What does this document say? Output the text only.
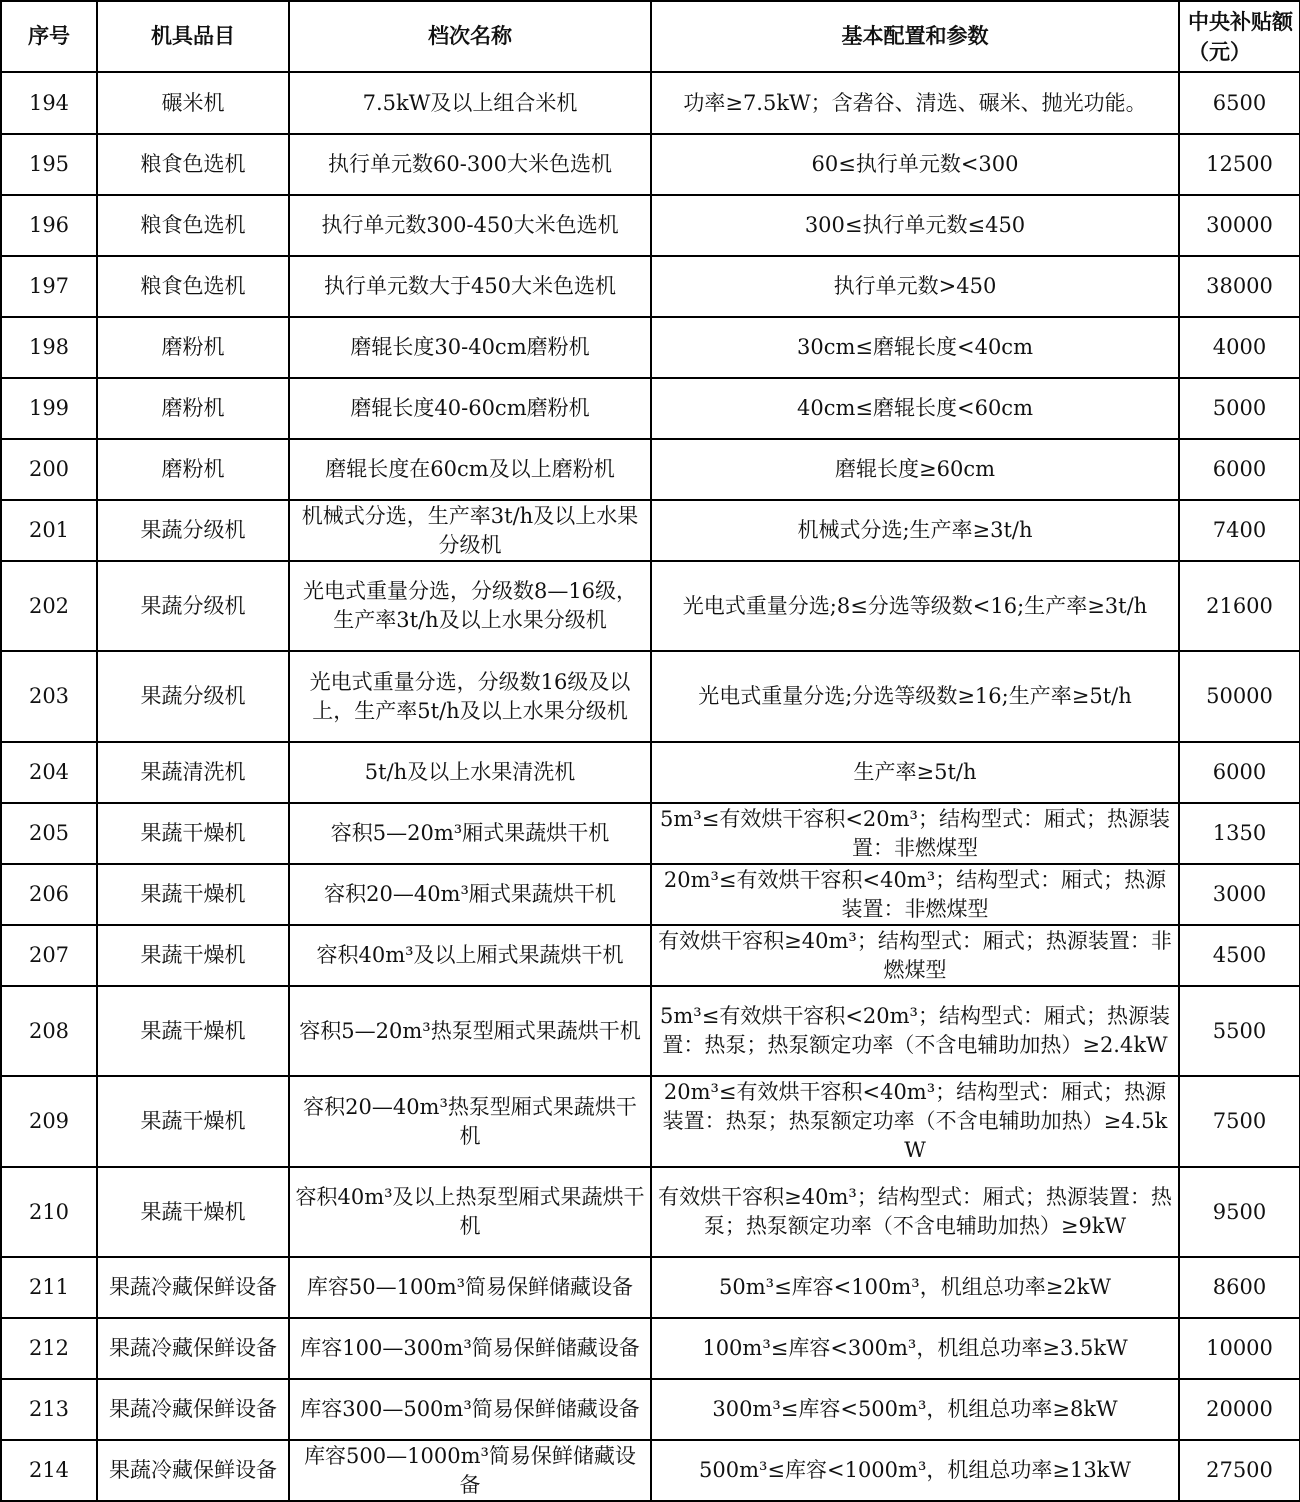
序号	机具品目	档次名称	基本配置和参数	中央补贴额（元）
194	碾米机	7.5kW及以上组合米机	功率≥7.5kW；含砻谷、清选、碾米、抛光功能。	6500
195	粮食色选机	执行单元数60-300大米色选机	60≤执行单元数<300	12500
196	粮食色选机	执行单元数300-450大米色选机	300≤执行单元数≤450	30000
197	粮食色选机	执行单元数大于450大米色选机	执行单元数>450	38000
198	磨粉机	磨辊长度30-40cm磨粉机	30cm≤磨辊长度<40cm	4000
199	磨粉机	磨辊长度40-60cm磨粉机	40cm≤磨辊长度<60cm	5000
200	磨粉机	磨辊长度在60cm及以上磨粉机	磨辊长度≥60cm	6000
201	果蔬分级机	机械式分选，生产率3t/h及以上水果分级机	机械式分选;生产率≥3t/h	7400
202	果蔬分级机	光电式重量分选，分级数8—16级，生产率3t/h及以上水果分级机	光电式重量分选;8≤分选等级数<16;生产率≥3t/h	21600
203	果蔬分级机	光电式重量分选，分级数16级及以上，生产率5t/h及以上水果分级机	光电式重量分选;分选等级数≥16;生产率≥5t/h	50000
204	果蔬清洗机	5t/h及以上水果清洗机	生产率≥5t/h	6000
205	果蔬干燥机	容积5—20m³厢式果蔬烘干机	5m³≤有效烘干容积<20m³；结构型式：厢式；热源装置：非燃煤型	1350
206	果蔬干燥机	容积20—40m³厢式果蔬烘干机	20m³≤有效烘干容积<40m³；结构型式：厢式；热源装置：非燃煤型	3000
207	果蔬干燥机	容积40m³及以上厢式果蔬烘干机	有效烘干容积≥40m³；结构型式：厢式；热源装置：非燃煤型	4500
208	果蔬干燥机	容积5—20m³热泵型厢式果蔬烘干机	5m³≤有效烘干容积<20m³；结构型式：厢式；热源装置：热泵；热泵额定功率（不含电辅助加热）≥2.4kW	5500
209	果蔬干燥机	容积20—40m³热泵型厢式果蔬烘干机	20m³≤有效烘干容积<40m³；结构型式：厢式；热源装置：热泵；热泵额定功率（不含电辅助加热）≥4.5kW	7500
210	果蔬干燥机	容积40m³及以上热泵型厢式果蔬烘干机	有效烘干容积≥40m³；结构型式：厢式；热源装置：热泵；热泵额定功率（不含电辅助加热）≥9kW	9500
211	果蔬冷藏保鲜设备	库容50—100m³简易保鲜储藏设备	50m³≤库容<100m³，机组总功率≥2kW	8600
212	果蔬冷藏保鲜设备	库容100—300m³简易保鲜储藏设备	100m³≤库容<300m³，机组总功率≥3.5kW	10000
213	果蔬冷藏保鲜设备	库容300—500m³简易保鲜储藏设备	300m³≤库容<500m³，机组总功率≥8kW	20000
214	果蔬冷藏保鲜设备	库容500—1000m³简易保鲜储藏设备	500m³≤库容<1000m³，机组总功率≥13kW	27500
